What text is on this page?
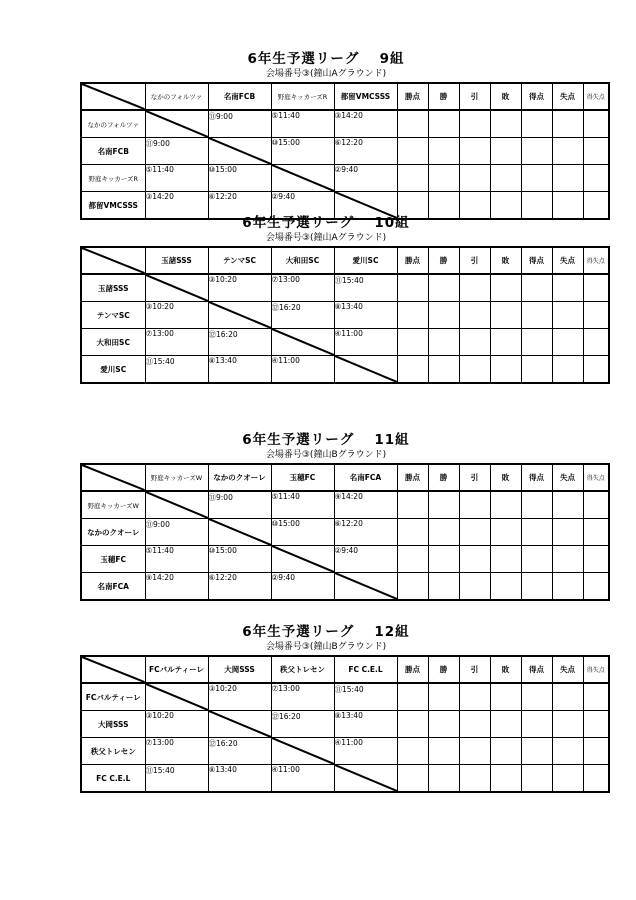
6年生予選リーグ　 9組
会場番号③(鐘山Aグラウンド)
	なかのフォルツァ	名南FCB	野庭キッカーズR	都留VMCSSS	勝点	勝	引	敗	得点	失点	得失点
なかのフォルツァ		⑪9:00	⑤11:40	③14:20							
名南FCB	⑪9:00		⑩15:00	⑥12:20							
野庭キッカーズR	⑤11:40	⑩15:00		②9:40							
都留VMCSSS	③14:20	⑥12:20	②9:40	

6年生予選リーグ　 10組
会場番号③(鐘山Aグラウンド)
	玉諸SSS	テンマSC	大和田SC	愛川SC	勝点	勝	引	敗	得点	失点	得失点
玉諸SSS		③10:20	⑦13:00	⑪15:40							
テンマSC	③10:20		⑫16:20	⑧13:40							
大和田SC	⑦13:00	⑫16:20		④11:00							
愛川SC	⑪15:40	⑧13:40	④11:00	

6年生予選リーグ　 11組
会場番号③(鐘山Bグラウンド)
	野庭キッカーズW	なかのクオーレ	玉穂FC	名南FCA	勝点	勝	引	敗	得点	失点	得失点
野庭キッカーズW		⑪9:00	⑤11:40	⑨14:20							
なかのクオーレ	⑪9:00		⑩15:00	⑥12:20							
玉穂FC	⑤11:40	⑩15:00		②9:40							
名南FCA	⑨14:20	⑥12:20	②9:40	

6年生予選リーグ　 12組
会場番号③(鐘山Bグラウンド)
	FCバルティーレ	大岡SSS	秩父トレセン	FC C.E.L	勝点	勝	引	敗	得点	失点	得失点
FCバルティーレ		③10:20	⑦13:00	⑪15:40							
大岡SSS	③10:20		⑫16:20	⑧13:40							
秩父トレセン	⑦13:00	⑫16:20		④11:00							
FC C.E.L	⑪15:40	⑧13:40	④11:00	
